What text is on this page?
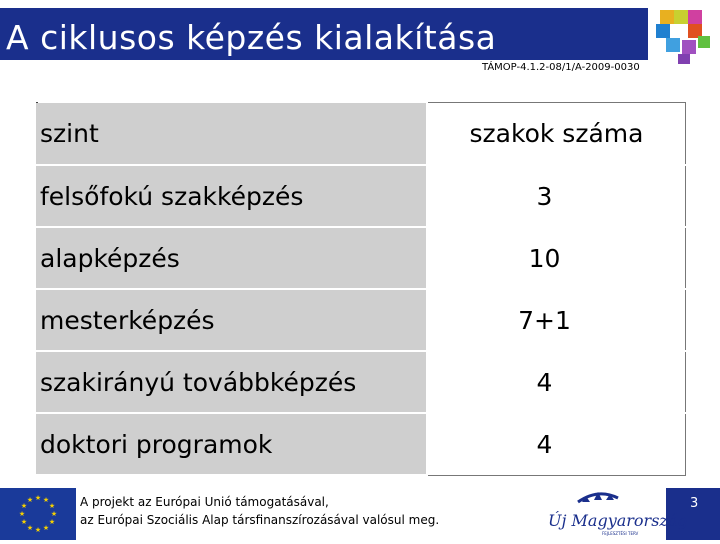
A ciklusos képzés kialakítása
TÁMOP-4.1.2-08/1/A-2009-0030
szint	szakok száma
felsőfokú szakképzés	3
alapképzés	10
mesterképzés	7+1
szakirányú továbbképzés	4
doktori programok	4
★ ★
★
★
★
★
★
★
★
★
★
★	A projekt az Európai Unió támogatásával,
az Európai Szociális Alap társfinanszírozásával valósul meg.	Új Magyarország
FEJLESZTÉSI TERV
3
